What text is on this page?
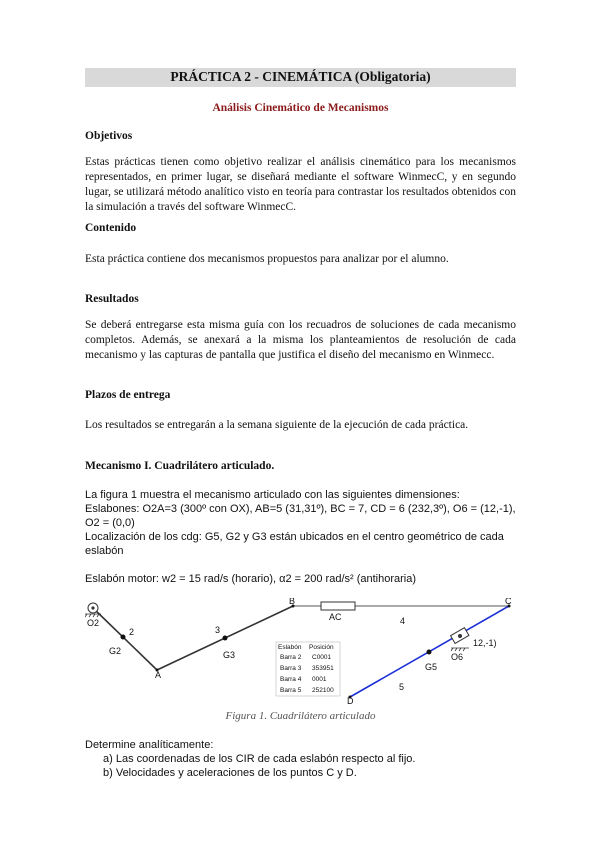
PRÁCTICA 2 - CINEMÁTICA (Obligatoria)
Análisis Cinemático de Mecanismos
Objetivos
Estas prácticas tienen como objetivo realizar el análisis cinemático para los mecanismos representados, en primer lugar, se diseñará mediante el software WinmecC, y en segundo lugar, se utilizará método analítico visto en teoría para contrastar los resultados obtenidos con la simulación a través del software WinmecC.
Contenido
Esta práctica contiene dos mecanismos propuestos para analizar por el alumno.
Resultados
Se deberá entregarse esta misma guía con los recuadros de soluciones de cada mecanismo completos. Además, se anexará a la misma los planteamientos de resolución de cada mecanismo y las capturas de pantalla que justifica el diseño del mecanismo en Winmecc.
Plazos de entrega
Los resultados se entregarán a la semana siguiente de la ejecución de cada práctica.
Mecanismo I. Cuadrilátero articulado.
La figura 1 muestra el mecanismo articulado con las siguientes dimensiones:
Eslabones: O2A=3 (300º con OX), AB=5 (31,31º), BC = 7, CD = 6 (232,3º), O6 = (12,-1), O2 = (0,0)
Localización de los cdg: G5, G2 y G3 están ubicados en el centro geométrico de cada eslabón
Eslabón motor: w2 = 15 rad/s (horario), α2 = 200 rad/s² (antihoraria)
O2
2
G2
A
3
G3
B
AC	4
C
12,-1)
O6
G5
5
D
Eslabón Posición
Barra 2 C0001
Barra 3 353951
Barra 4 0001
Barra 5 252100
Figura 1. Cuadrilátero articulado
Determine analíticamente:
a) Las coordenadas de los CIR de cada eslabón respecto al fijo.
b) Velocidades y aceleraciones de los puntos C y D.
